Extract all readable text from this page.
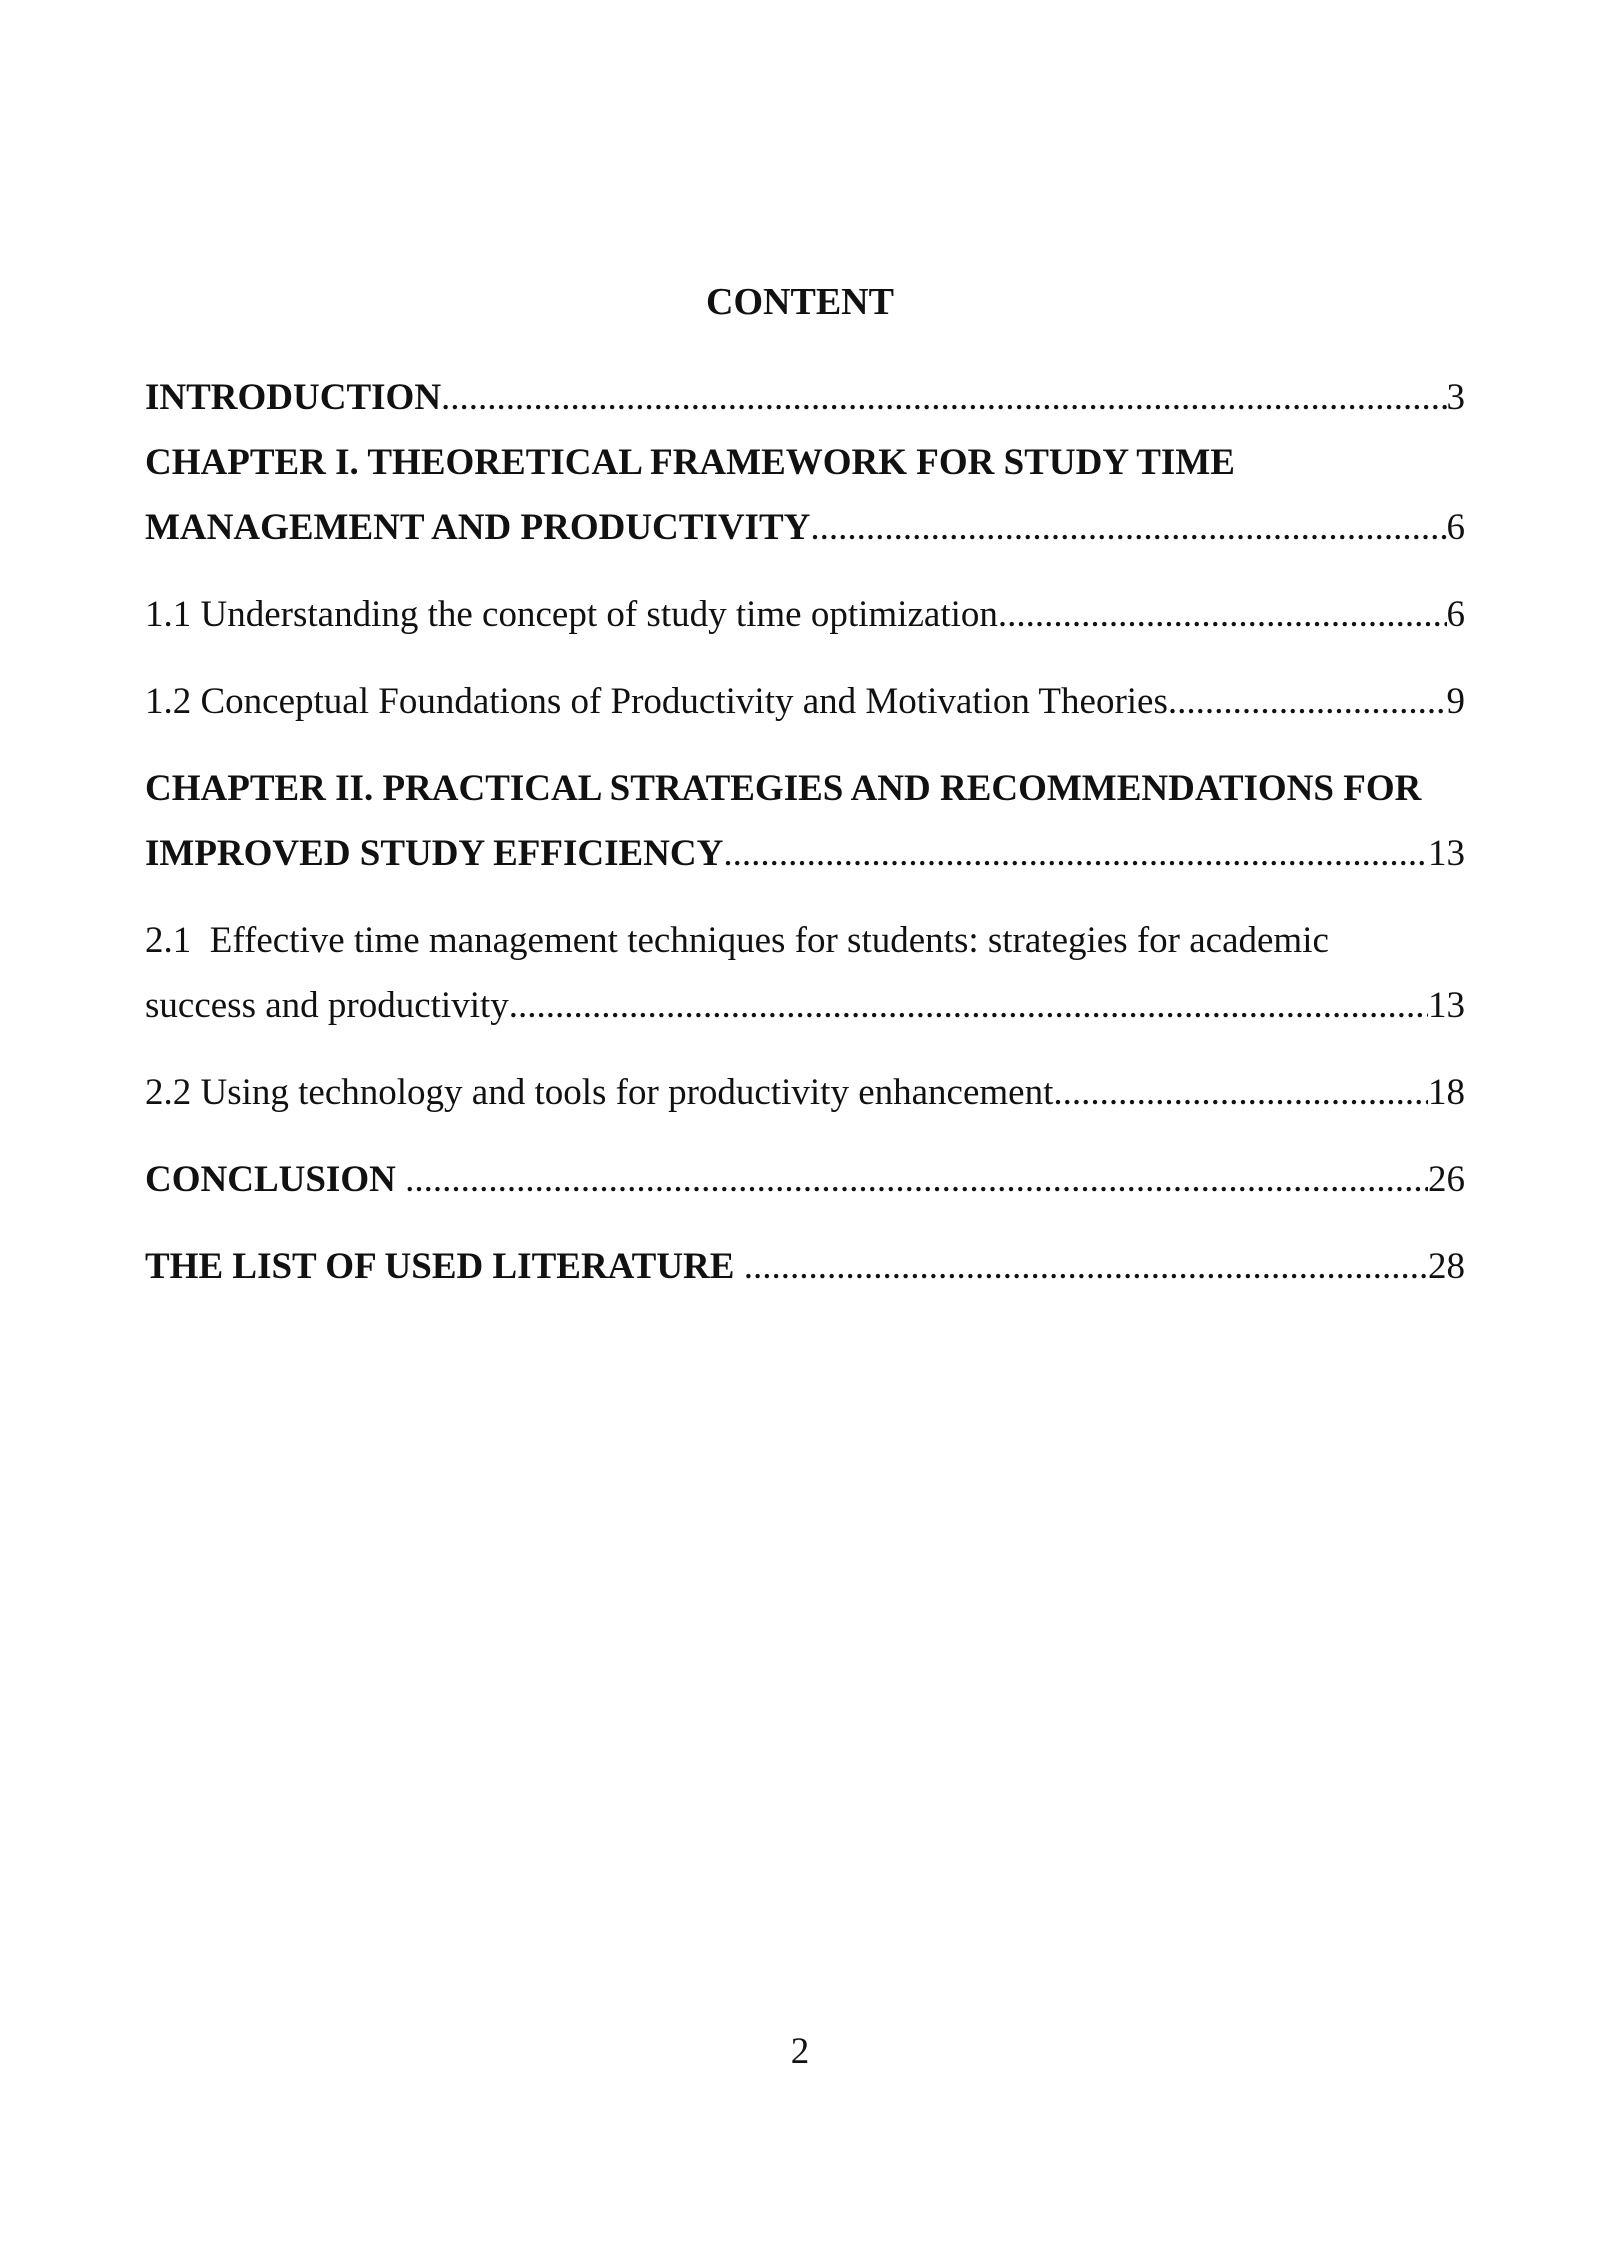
CONTENT
INTRODUCTION .....	3
CHAPTER I. THEORETICAL FRAMEWORK FOR STUDY TIME
MANAGEMENT AND PRODUCTIVITY .....	6
1.1 Understanding the concept of study time optimization .....	6
1.2 Conceptual Foundations of Productivity and Motivation Theories .....	9
CHAPTER II. PRACTICAL STRATEGIES AND RECOMMENDATIONS FOR
IMPROVED STUDY EFFICIENCY .....	13
2.1  Effective time management techniques for students: strategies for academic
success and productivity .....	13
2.2 Using technology and tools for productivity enhancement .....	18
CONCLUSION .....	26
THE LIST OF USED LITERATURE .....	28
2
